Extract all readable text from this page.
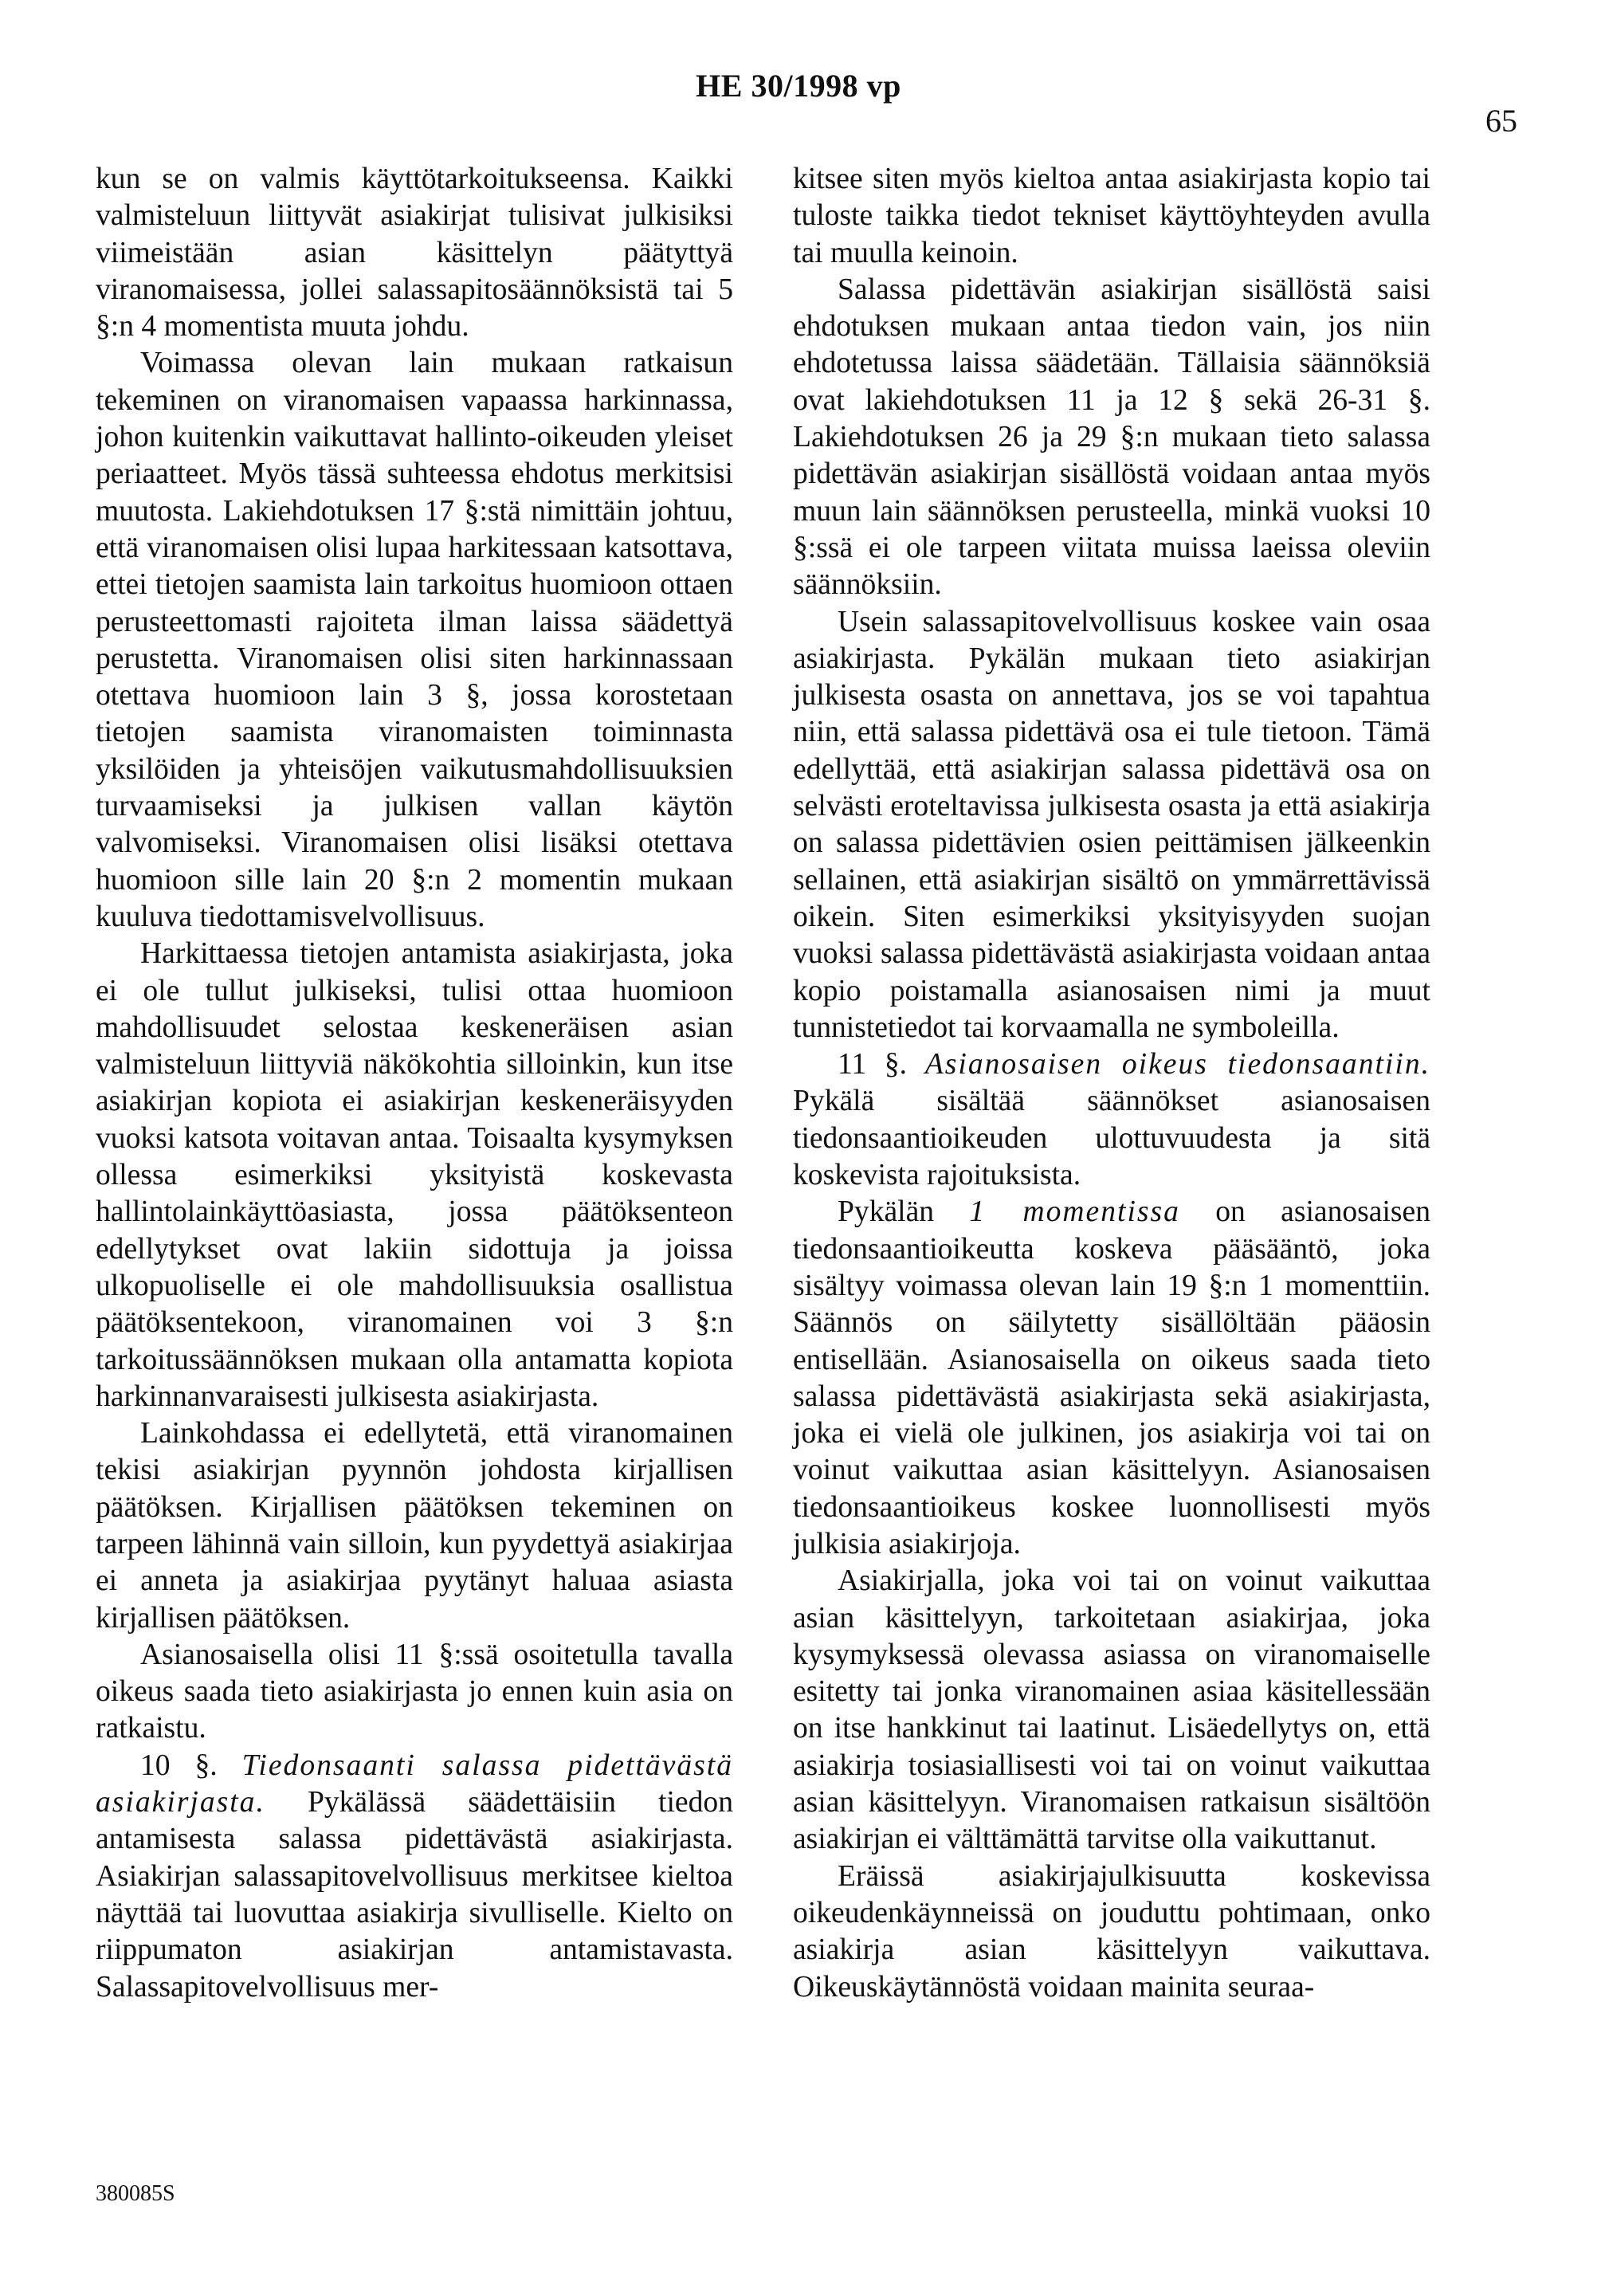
HE 30/1998 vp
65

kun se on valmis käyttötarkoitukseensa. Kaikki valmisteluun liittyvät asiakirjat tulisivat julkisiksi viimeistään asian käsittelyn päätyttyä viranomaisessa, jollei salassapitosäännöksistä tai 5 §:n 4 momentista muuta johdu.

Voimassa olevan lain mukaan ratkaisun tekeminen on viranomaisen vapaassa harkinnassa, johon kuitenkin vaikuttavat hallinto-oikeuden yleiset periaatteet. Myös tässä suhteessa ehdotus merkitsisi muutosta. Lakiehdotuksen 17 §:stä nimittäin johtuu, että viranomaisen olisi lupaa harkitessaan katsottava, ettei tietojen saamista lain tarkoitus huomioon ottaen perusteettomasti rajoiteta ilman laissa säädettyä perustetta. Viranomaisen olisi siten harkinnassaan otettava huomioon lain 3 §, jossa korostetaan tietojen saamista viranomaisten toiminnasta yksilöiden ja yhteisöjen vaikutusmahdollisuuksien turvaamiseksi ja julkisen vallan käytön valvomiseksi. Viranomaisen olisi lisäksi otettava huomioon sille lain 20 §:n 2 momentin mukaan kuuluva tiedottamisvelvollisuus.

Harkittaessa tietojen antamista asiakirjasta, joka ei ole tullut julkiseksi, tulisi ottaa huomioon mahdollisuudet selostaa keskeneräisen asian valmisteluun liittyviä näkökohtia silloinkin, kun itse asiakirjan kopiota ei asiakirjan keskeneräisyyden vuoksi katsota voitavan antaa. Toisaalta kysymyksen ollessa esimerkiksi yksityistä koskevasta hallintolainkäyttöasiasta, jossa päätöksenteon edellytykset ovat lakiin sidottuja ja joissa ulkopuoliselle ei ole mahdollisuuksia osallistua päätöksentekoon, viranomainen voi 3 §:n tarkoitussäännöksen mukaan olla antamatta kopiota harkinnanvaraisesti julkisesta asiakirjasta.

Lainkohdassa ei edellytetä, että viranomainen tekisi asiakirjan pyynnön johdosta kirjallisen päätöksen. Kirjallisen päätöksen tekeminen on tarpeen lähinnä vain silloin, kun pyydettyä asiakirjaa ei anneta ja asiakirjaa pyytänyt haluaa asiasta kirjallisen päätöksen.

Asianosaisella olisi 11 §:ssä osoitetulla tavalla oikeus saada tieto asiakirjasta jo ennen kuin asia on ratkaistu.

10 §. Tiedonsaanti salassa pidettävästä asiakirjasta. Pykälässä säädettäisiin tiedon antamisesta salassa pidettävästä asiakirjasta. Asiakirjan salassapitovelvollisuus merkitsee kieltoa näyttää tai luovuttaa asiakirja sivulliselle. Kielto on riippumaton asiakirjan antamistavasta. Salassapitovelvollisuus mer-

kitsee siten myös kieltoa antaa asiakirjasta kopio tai tuloste taikka tiedot tekniset käyttöyhteyden avulla tai muulla keinoin.

Salassa pidettävän asiakirjan sisällöstä saisi ehdotuksen mukaan antaa tiedon vain, jos niin ehdotetussa laissa säädetään. Tällaisia säännöksiä ovat lakiehdotuksen 11 ja 12 § sekä 26-31 §. Lakiehdotuksen 26 ja 29 §:n mukaan tieto salassa pidettävän asiakirjan sisällöstä voidaan antaa myös muun lain säännöksen perusteella, minkä vuoksi 10 §:ssä ei ole tarpeen viitata muissa laeissa oleviin säännöksiin.

Usein salassapitovelvollisuus koskee vain osaa asiakirjasta. Pykälän mukaan tieto asiakirjan julkisesta osasta on annettava, jos se voi tapahtua niin, että salassa pidettävä osa ei tule tietoon. Tämä edellyttää, että asiakirjan salassa pidettävä osa on selvästi eroteltavissa julkisesta osasta ja että asiakirja on salassa pidettävien osien peittämisen jälkeenkin sellainen, että asiakirjan sisältö on ymmärrettävissä oikein. Siten esimerkiksi yksityisyyden suojan vuoksi salassa pidettävästä asiakirjasta voidaan antaa kopio poistamalla asianosaisen nimi ja muut tunnistetiedot tai korvaamalla ne symboleilla.

11 §. Asianosaisen oikeus tiedonsaantiin. Pykälä sisältää säännökset asianosaisen tiedonsaantioikeuden ulottuvuudesta ja sitä koskevista rajoituksista.

Pykälän 1 momentissa on asianosaisen tiedonsaantioikeutta koskeva pääsääntö, joka sisältyy voimassa olevan lain 19 §:n 1 momenttiin. Säännös on säilytetty sisällöltään pääosin entisellään. Asianosaisella on oikeus saada tieto salassa pidettävästä asiakirjasta sekä asiakirjasta, joka ei vielä ole julkinen, jos asiakirja voi tai on voinut vaikuttaa asian käsittelyyn. Asianosaisen tiedonsaantioikeus koskee luonnollisesti myös julkisia asiakirjoja.

Asiakirjalla, joka voi tai on voinut vaikuttaa asian käsittelyyn, tarkoitetaan asiakirjaa, joka kysymyksessä olevassa asiassa on viranomaiselle esitetty tai jonka viranomainen asiaa käsitellessään on itse hankkinut tai laatinut. Lisäedellytys on, että asiakirja tosiasiallisesti voi tai on voinut vaikuttaa asian käsittelyyn. Viranomaisen ratkaisun sisältöön asiakirjan ei välttämättä tarvitse olla vaikuttanut.

Eräissä asiakirjajulkisuutta koskevissa oikeudenkäynneissä on jouduttu pohtimaan, onko asiakirja asian käsittelyyn vaikuttava. Oikeuskäytännöstä voidaan mainita seuraa-

380085S
